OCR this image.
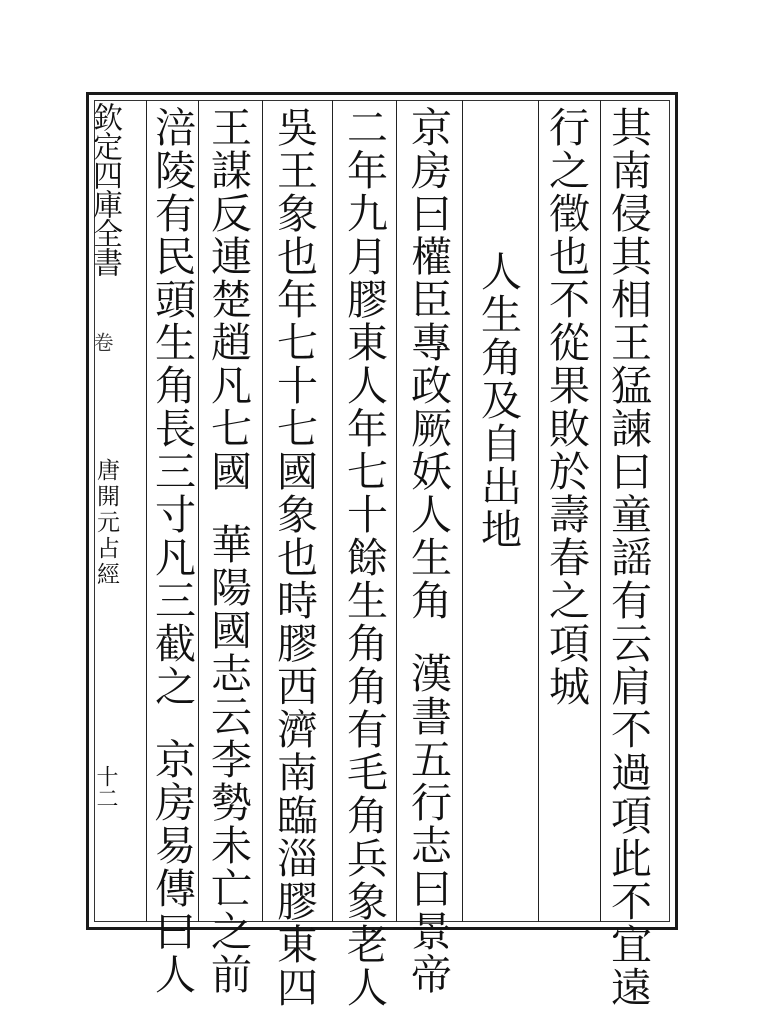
欽定四庫全書
卷
唐開元占經
十二	其南侵其相王猛諫曰童謡有云肩不過項此不宜遠
行之徵也不從果敗於壽春之項城
人生角及自出地
京房曰權臣專政厥妖人生角漢書五行志曰景帝
二年九月膠東人年七十餘生角角有毛角兵象老人
吳王象也年七十七國象也時膠西濟南臨淄膠東四
王謀反連楚趙凡七國華陽國志云李勢未亡之前
涪陵有民頭生角長三寸凡三截之京房易傳曰人
